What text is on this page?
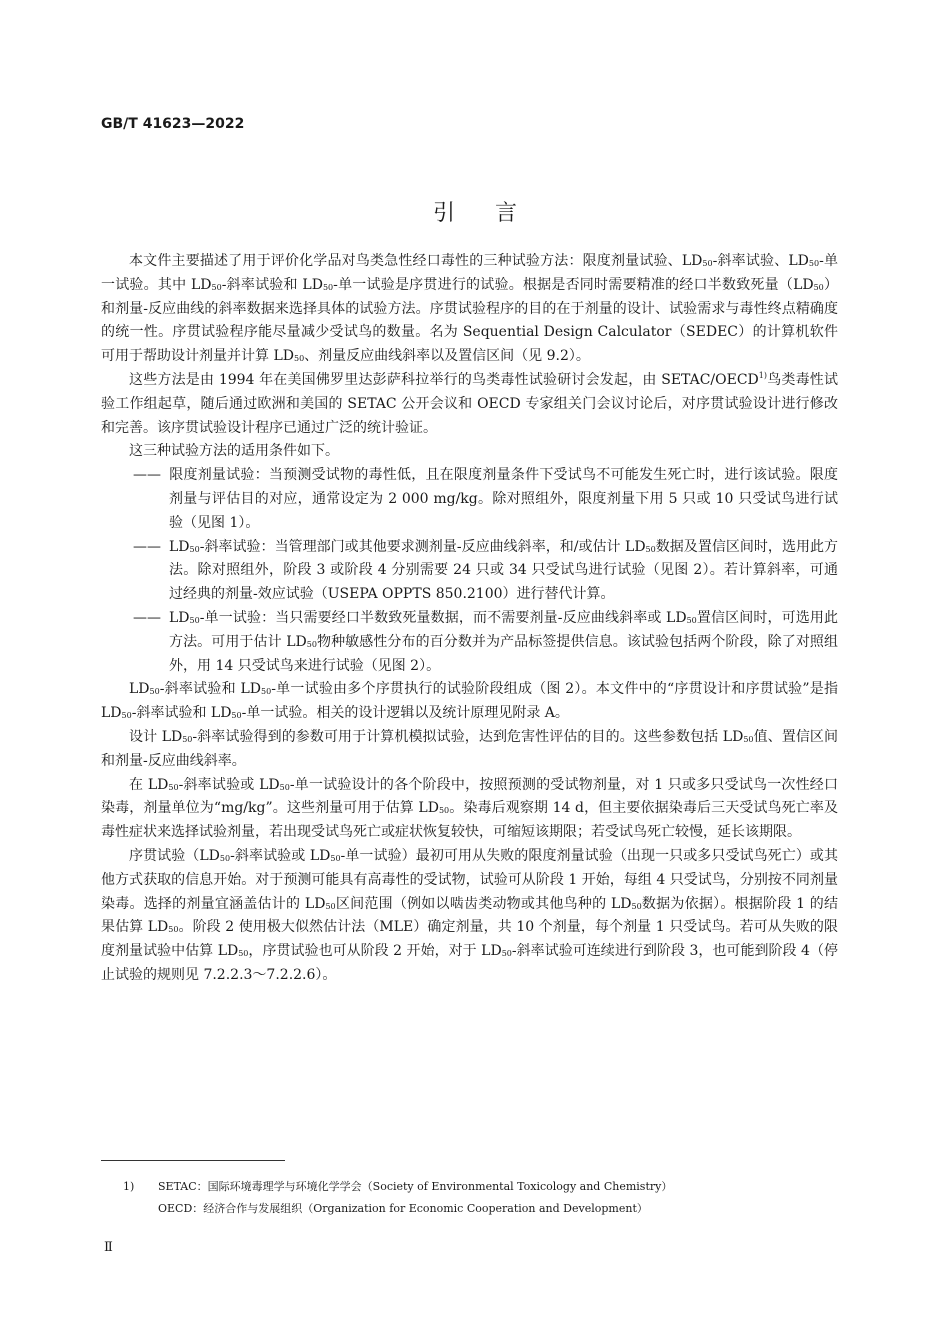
GB/T 41623—2022
引言

本文件主要描述了用于评价化学品对鸟类急性经口毒性的三种试验方法：限度剂量试验、$LD_{50}-$斜率试验、$LD_{50}-$单一试验。其中 $LD_{50}-$斜率试验和 $LD_{50}-$单一试验是序贯进行的试验。根据是否同时需要精准的经口半数致死量$(LD_{50})$和剂量-反应曲线的斜率数据来选择具体的试验方法。序贯试验程序的目的在于剂量的设计、试验需求与毒性终点精确度的统一性。序贯试验程序能尽量减少受试鸟的数量。名为 Sequential Design Calculator（SEDEC）的计算机软件可用于帮助设计剂量并计算 $LD_{50}$、剂量反应曲线斜率以及置信区间（见 9.2）。

这些方法是由 1994 年在美国佛罗里达彭萨科拉举行的鸟类毒性试验研讨会发起，由 SETAC/OECD$^{1)}$鸟类毒性试验工作组起草，随后通过欧洲和美国的 SETAC 公开会议和 OECD 专家组关门会议讨论后，对序贯试验设计进行修改和完善。该序贯试验设计程序已通过广泛的统计验证。

这三种试验方法的适用条件如下。

—— 限度剂量试验：当预测受试物的毒性低，且在限度剂量条件下受试鸟不可能发生死亡时，进行该试验。限度剂量与评估目的对应，通常设定为 2 000 mg/kg。除对照组外，限度剂量下用 5 只或 10 只受试鸟进行试验（见图 1）。

—— $LD_{50}-$斜率试验：当管理部门或其他要求测剂量-反应曲线斜率，和/或估计 $LD_{50}$数据及置信区间时，选用此方法。除对照组外，阶段 3 或阶段 4 分别需要 24 只或 34 只受试鸟进行试验（见图 2）。若计算斜率，可通过经典的剂量-效应试验（USEPA OPPTS 850.2100）进行替代计算。

—— $LD_{50}-$单一试验：当只需要经口半数致死量数据，而不需要剂量-反应曲线斜率或 $LD_{50}$置信区间时，可选用此方法。可用于估计 $LD_{50}$物种敏感性分布的百分数并为产品标签提供信息。该试验包括两个阶段，除了对照组外，用 14 只受试鸟来进行试验（见图 2）。

$LD_{50}-$斜率试验和 $LD_{50}-$单一试验由多个序贯执行的试验阶段组成（图 2）。本文件中的“序贯设计和序贯试验”是指 $LD_{50}-$斜率试验和 $LD_{50}-$单一试验。相关的设计逻辑以及统计原理见附录 A。

设计 $LD_{50}-$斜率试验得到的参数可用于计算机模拟试验，达到危害性评估的目的。这些参数包括 $LD_{50}$值、置信区间和剂量-反应曲线斜率。

在 $LD_{50}-$斜率试验或 $LD_{50}-$单一试验设计的各个阶段中，按照预测的受试物剂量，对 1 只或多只受试鸟一次性经口染毒，剂量单位为“mg/kg”。这些剂量可用于估算 $LD_{50}$。染毒后观察期 14 d，但主要依据染毒后三天受试鸟死亡率及毒性症状来选择试验剂量，若出现受试鸟死亡或症状恢复较快，可缩短该期限；若受试鸟死亡较慢，延长该期限。

序贯试验（$LD_{50}-$斜率试验或 $LD_{50}-$单一试验）最初可用从失败的限度剂量试验（出现一只或多只受试鸟死亡）或其他方式获取的信息开始。对于预测可能具有高毒性的受试物，试验可从阶段 1 开始，每组 4 只受试鸟，分别按不同剂量染毒。选择的剂量宜涵盖估计的 $LD_{50}$区间范围（例如以啮齿类动物或其他鸟种的 $LD_{50}$数据为依据）。根据阶段 1 的结果估算 $LD_{50}$。阶段 2 使用极大似然估计法（MLE）确定剂量，共 10 个剂量，每个剂量 1 只受试鸟。若可从失败的限度剂量试验中估算 $LD_{50}$，序贯试验也可从阶段 2 开始，对于 $LD_{50}-$斜率试验可连续进行到阶段 3，也可能到阶段 4（停止试验的规则见 7.2.2.3～7.2.2.6）。

1)	SETAC：国际环境毒理学与环境化学学会（Society of Environmental Toxicology and Chemistry）
OECD：经济合作与发展组织（Organization for Economic Cooperation and Development）
Ⅱ
